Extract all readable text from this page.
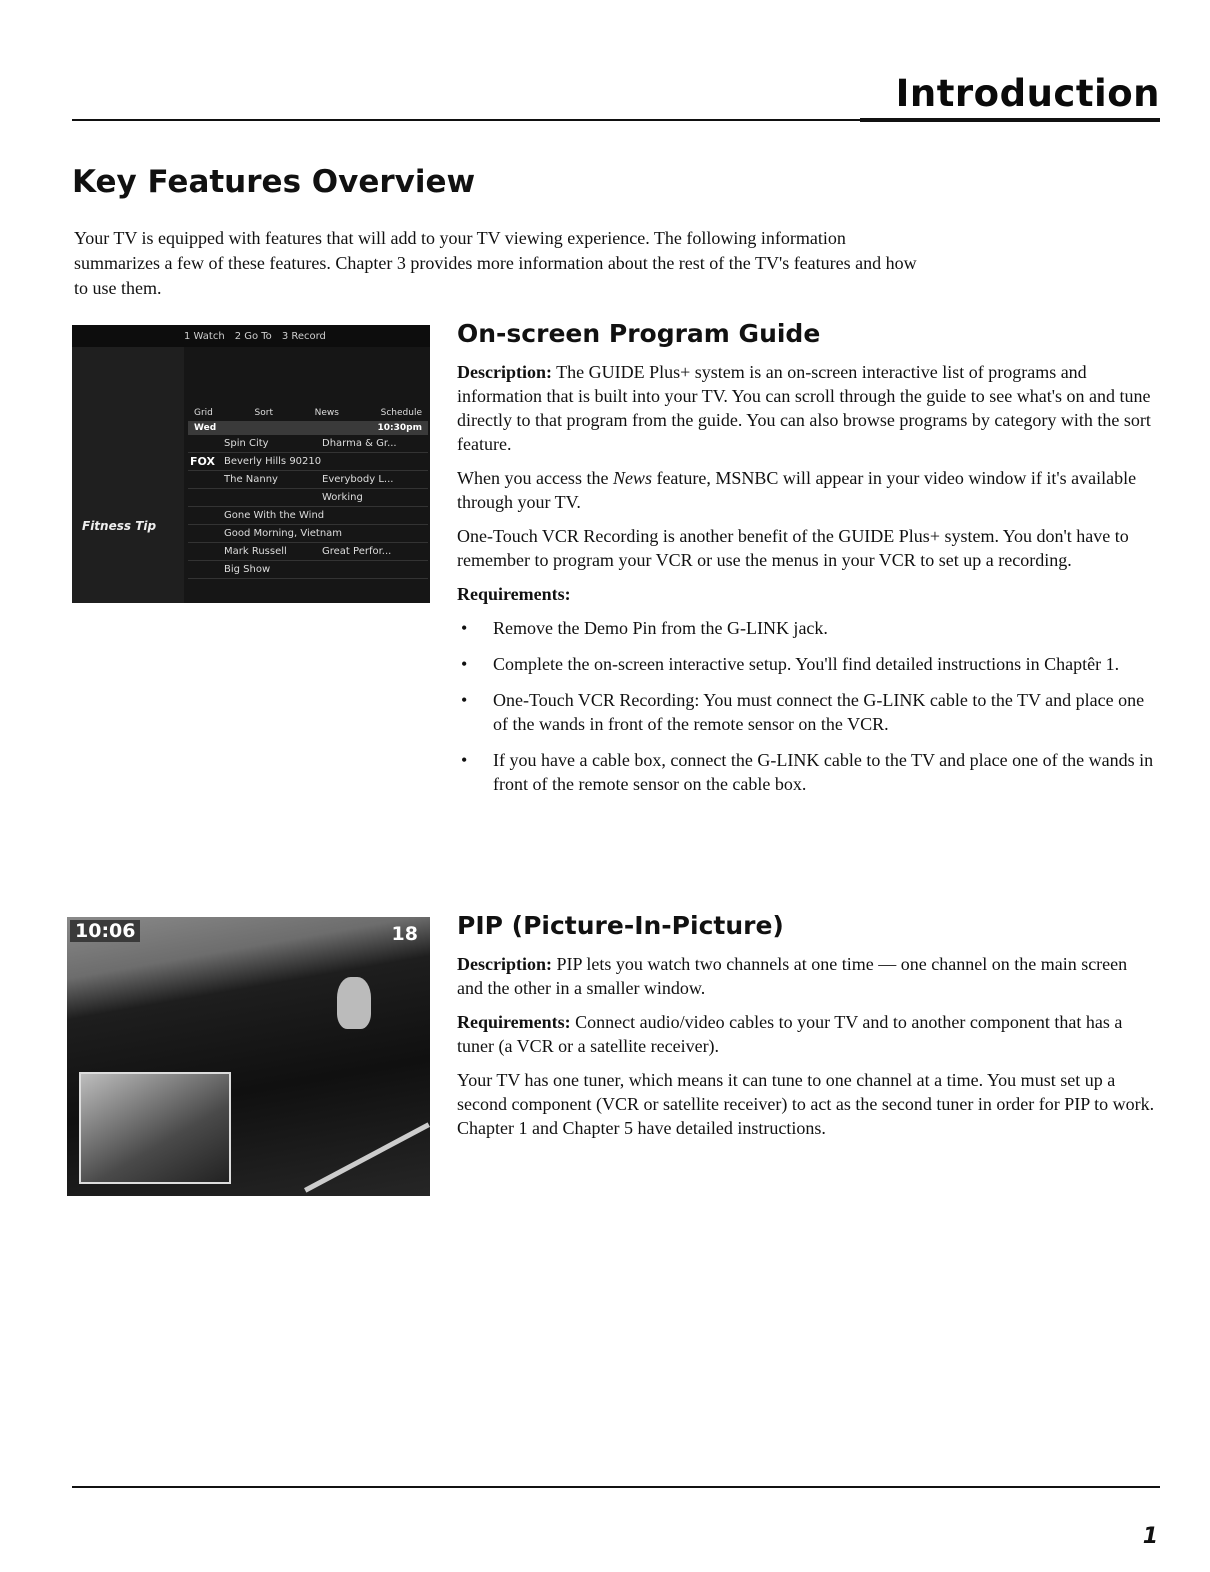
Introduction
Key Features Overview

Your TV is equipped with features that will add to your TV viewing experience. The following information summarizes a few of these features. Chapter 3 provides more information about the rest of the TV's features and how to use them.

1 Watch 2 Go To 3 Record
Fitness Tip
Grid	Sort	News	Schedule
Wed	10:30pm
Spin City	Dharma & Gr...
FOX Beverly Hills 90210
The Nanny	Everybody L...
Working
Gone With the Wind
Good Morning, Vietnam
Mark Russell	Great Perfor...
Big Show
On-screen Program Guide

Description: The GUIDE Plus+ system is an on-screen interactive list of programs and information that is built into your TV. You can scroll through the guide to see what's on and tune directly to that program from the guide. You can also browse programs by category with the sort feature.

When you access the News feature, MSNBC will appear in your video window if it's available through your TV.

One-Touch VCR Recording is another benefit of the GUIDE Plus+ system. You don't have to remember to program your VCR or use the menus in your VCR to set up a recording.

Requirements:

• Remove the Demo Pin from the G-LINK jack.
• Complete the on-screen interactive setup. You'll find detailed instructions in Chaptêr 1.
• One-Touch VCR Recording: You must connect the G-LINK cable to the TV and place one of the wands in front of the remote sensor on the VCR.
• If you have a cable box, connect the G-LINK cable to the TV and place one of the wands in front of the remote sensor on the cable box.
10:06	18 PIP (Picture-In-Picture)

Description: PIP lets you watch two channels at one time — one channel on the main screen and the other in a smaller window.

Requirements: Connect audio/video cables to your TV and to another component that has a tuner (a VCR or a satellite receiver).

Your TV has one tuner, which means it can tune to one channel at a time. You must set up a second component (VCR or satellite receiver) to act as the second tuner in order for PIP to work. Chapter 1 and Chapter 5 have detailed instructions.

1
